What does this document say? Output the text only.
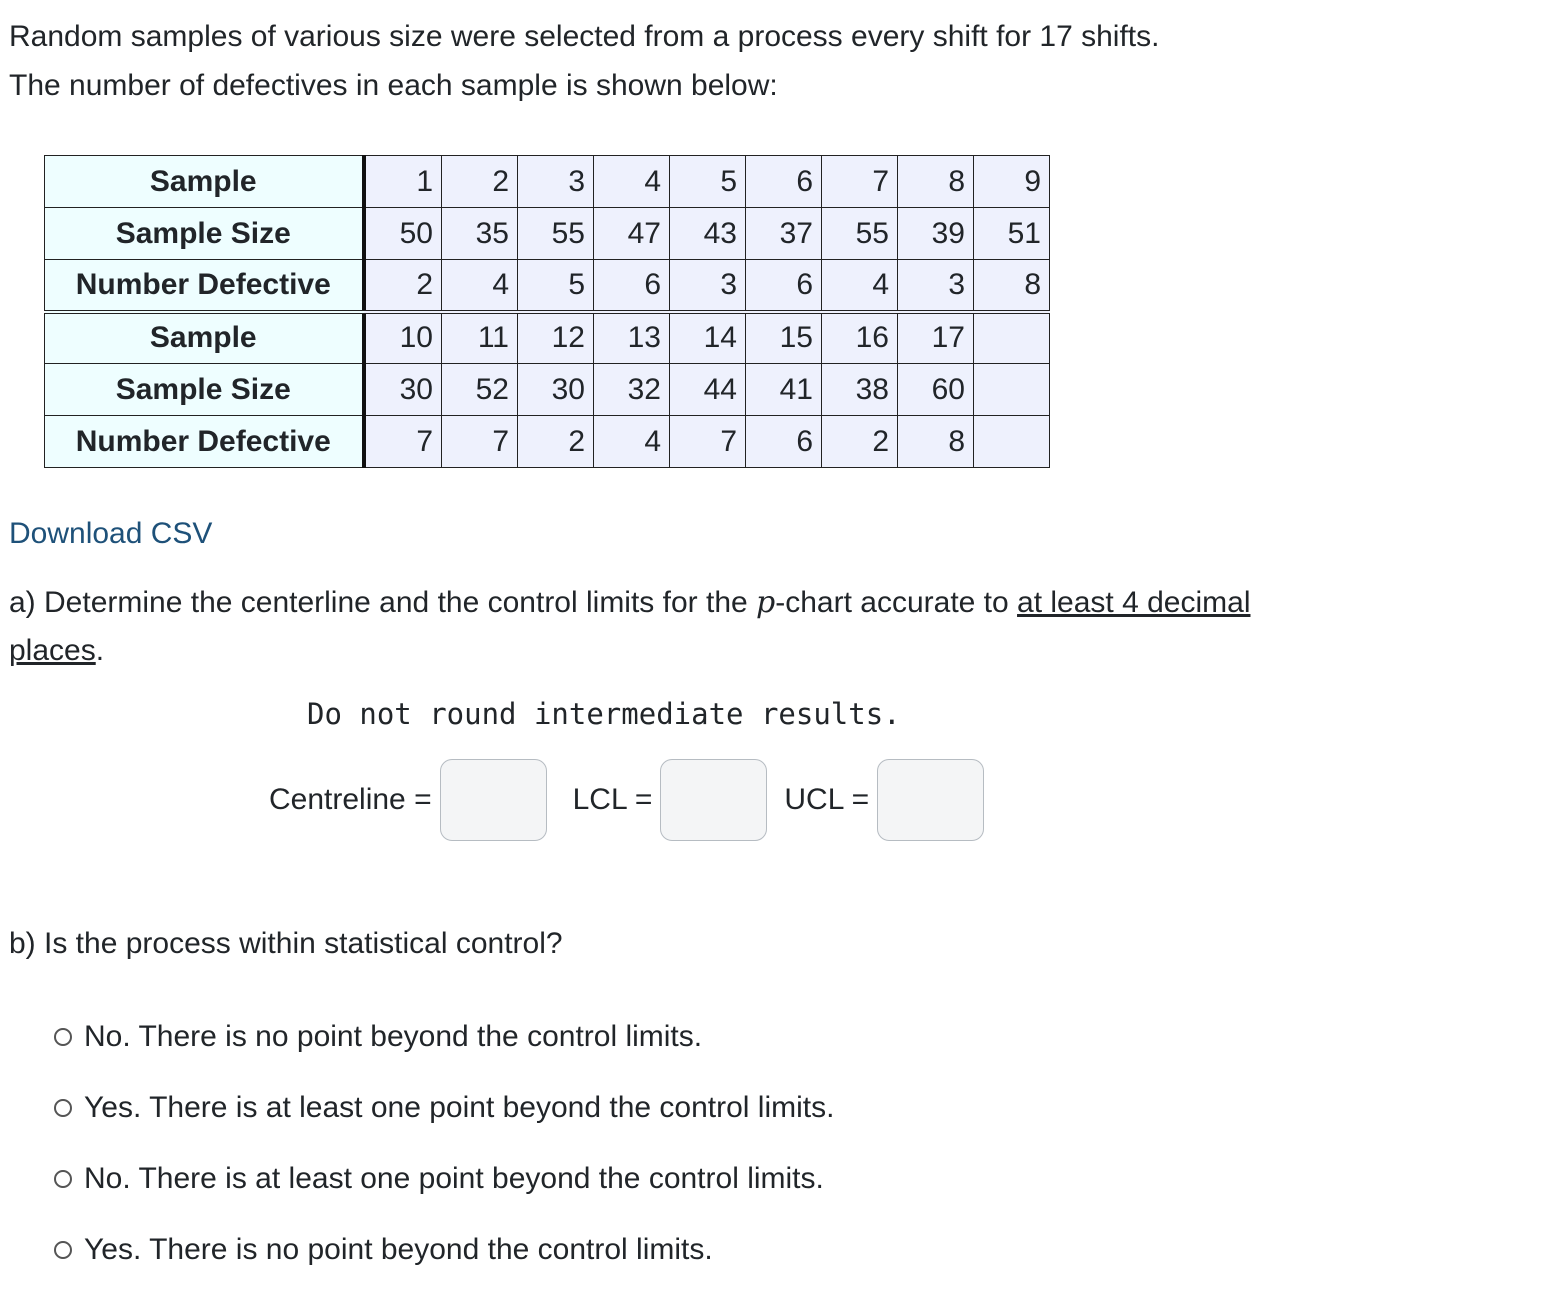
Random samples of various size were selected from a process every shift for 17 shifts.
The number of defectives in each sample is shown below:

Sample	1	2	3	4	5	6	7	8	9
Sample Size	50	35	55	47	43	37	55	39	51
Number Defective	2	4	5	6	3	6	4	3	8
Sample	10	11	12	13	14	15	16	17	
Sample Size	30	52	30	32	44	41	38	60	
Number Defective	7	7	2	4	7	6	2	8	
Download CSV

a) Determine the centerline and the control limits for the p-chart accurate to at least 4 decimal places.

Do not round intermediate results.

Centreline =	LCL =	UCL =

b) Is the process within statistical control?

No. There is no point beyond the control limits.
Yes. There is at least one point beyond the control limits.
No. There is at least one point beyond the control limits.
Yes. There is no point beyond the control limits.
